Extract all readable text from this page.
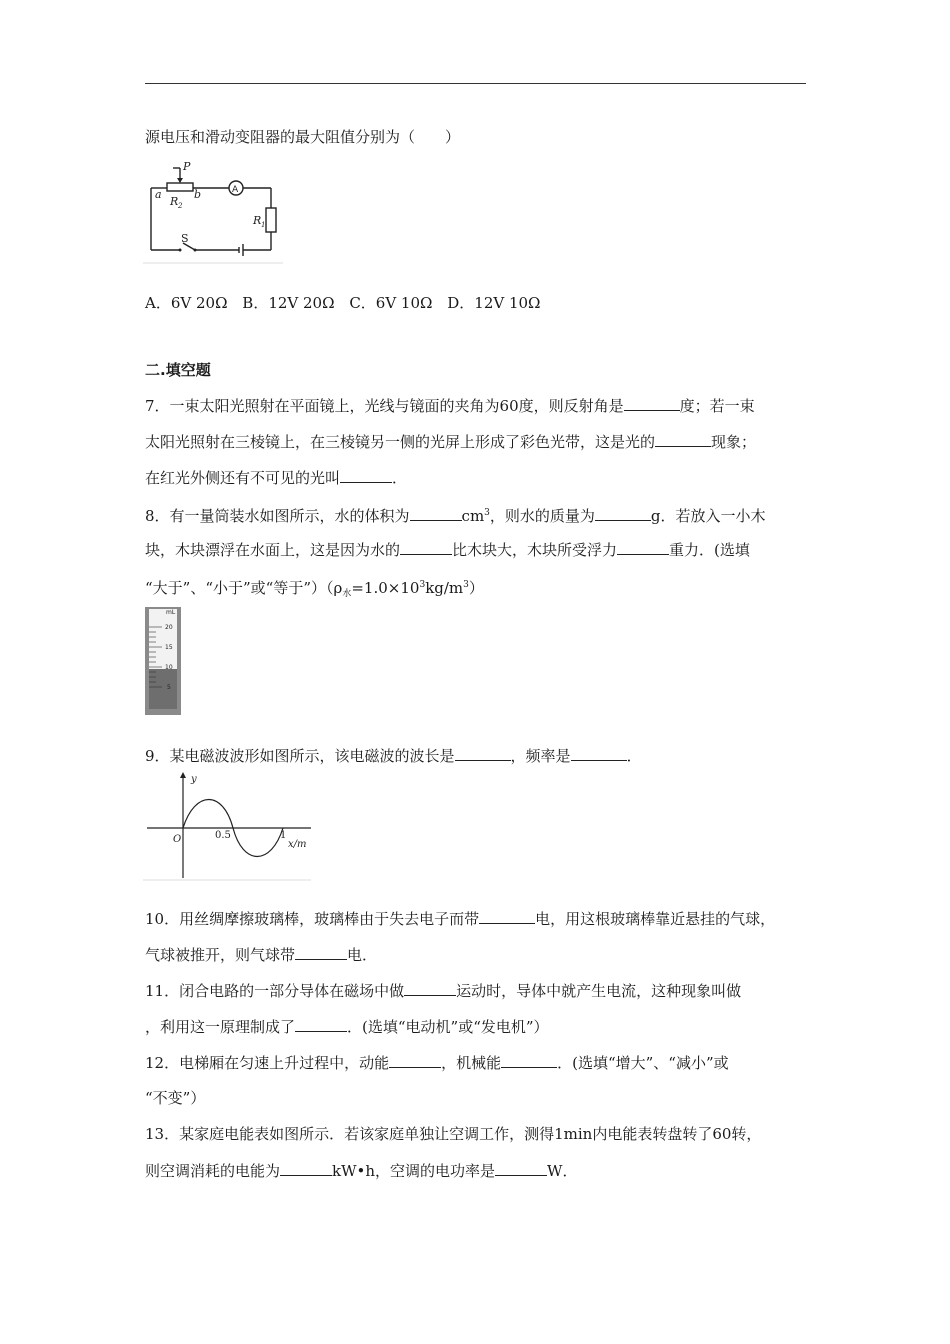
源电压和滑动变阻器的最大阻值分别为（　　）
P
a	b
R 2
R 1
S
A
A．6V 20Ω B．12V 20Ω C．6V 10Ω D．12V 10Ω
二.填空题
7．一束太阳光照射在平面镜上，光线与镜面的夹角为60度，则反射角是	度；若一束
太阳光照射在三棱镜上，在三棱镜另一侧的光屏上形成了彩色光带，这是光的	现象；
在红光外侧还有不可见的光叫	．
8．有一量筒装水如图所示，水的体积为	$cm^3$，则水的质量为	g．若放入一小木
块，木块漂浮在水面上，这是因为水的	比木块大，木块所受浮力	重力．(选填
“大于”、“小于”或“等于$”)(\rho_水=1.0\times 10^3kg/m^3)$
mL
20
15
10
5
9．某电磁波波形如图所示，该电磁波的波长是	，频率是	．
y
O	0.5	1
x/m
10．用丝绸摩擦玻璃棒，玻璃棒由于失去电子而带	电，用这根玻璃棒靠近悬挂的气球，
气球被推开，则气球带	电．
11．闭合电路的一部分导体在磁场中做	运动时，导体中就产生电流，这种现象叫做
，利用这一原理制成了	．(选填“电动机”或“发电机”）
12．电梯厢在匀速上升过程中，动能	，机械能	．(选填“增大”、“减小”或
“不变”）
13．某家庭电能表如图所示．若该家庭单独让空调工作，测得1min内电能表转盘转了60转，
则空调消耗的电能为	kW•h，空调的电功率是	W．
